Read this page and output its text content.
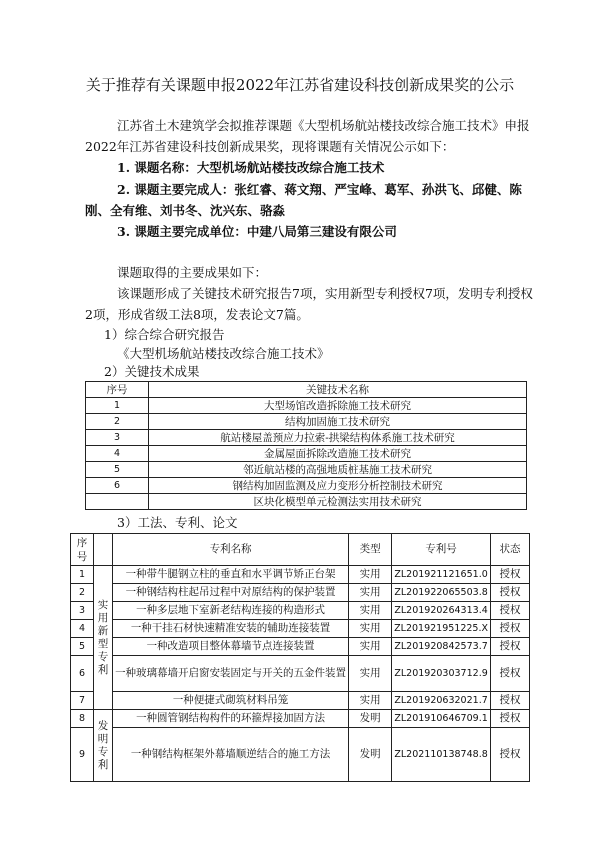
关于推荐有关课题申报2022年江苏省建设科技创新成果奖的公示
江苏省土木建筑学会拟推荐课题《大型机场航站楼技改综合施工技术》申报
2022年江苏省建设科技创新成果奖，现将课题有关情况公示如下：
1. 课题名称：大型机场航站楼技改综合施工技术
2. 课题主要完成人：张红睿、蒋文翔、严宝峰、葛军、孙洪飞、邱健、陈
刚、全有维、刘书冬、沈兴东、骆淼
3. 课题主要完成单位：中建八局第三建设有限公司
课题取得的主要成果如下：
该课题形成了关键技术研究报告7项，实用新型专利授权7项，发明专利授权
2项，形成省级工法8项，发表论文7篇。
1）综合综合研究报告
《大型机场航站楼技改综合施工技术》
2）关键技术成果
序号	关键技术名称
1	大型场馆改造拆除施工技术研究
2	结构加固施工技术研究
3	航站楼屋盖预应力拉索-拱梁结构体系施工技术研究
4	金属屋面拆除改造施工技术研究
5	邻近航站楼的高强地质桩基施工技术研究
6	钢结构加固监测及应力变形分析控制技术研究
	区块化模型单元检测法实用技术研究
3）工法、专利、论文
序号		专利名称	类型	专利号	状态
1	实用新型专利	一种带牛腿钢立柱的垂直和水平调节矫正台架	实用	ZL201921121651.0	授权
2		一种钢结构柱起吊过程中对原结构的保护装置	实用	ZL201922065503.8	授权
3		一种多层地下室新老结构连接的构造形式	实用	ZL201920264313.4	授权
4		一种干挂石材快速精准安装的辅助连接装置	实用	ZL201921951225.X	授权
5		一种改造项目整体幕墙节点连接装置	实用	ZL201920842573.7	授权
6		一种玻璃幕墙开启窗安装固定与开关的五金件装置	实用	ZL201920303712.9	授权
7		一种便捷式砌筑材料吊笼	实用	ZL201920632021.7	授权
8	发明专利	一种圆管钢结构构件的环箍焊接加固方法	发明	ZL201910646709.1	授权
9		一种钢结构框架外幕墙顺逆结合的施工方法	发明	ZL202110138748.8	授权
